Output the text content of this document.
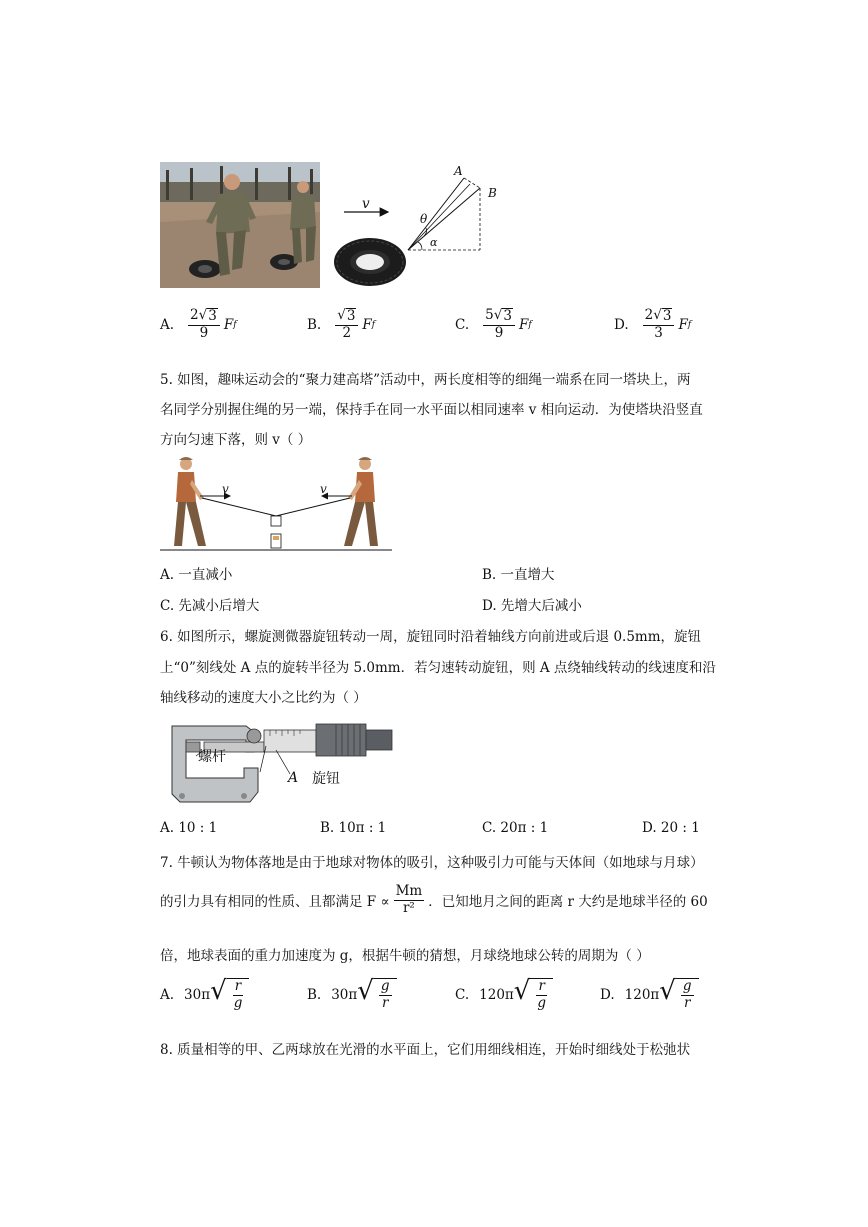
v
A
B
θ
α
A. $\frac{2 √ 3}{9}$ F f	B. $\frac{√ 3}{2}$ F f	C. $\frac{5 √ 3}{9}$ F f	D. $\frac{2 √ 3}{3}$ F f
5. 如图，趣味运动会的“聚力建高塔”活动中，两长度相等的细绳一端系在同一塔块上，两
名同学分别握住绳的另一端，保持手在同一水平面以相同速率 v 相向运动．为使塔块沿竖直
方向匀速下落，则 v（ ）
v	v
A. 一直减小	B. 一直增大
C. 先减小后增大	D. 先增大后减小
6. 如图所示，螺旋测微器旋钮转动一周，旋钮同时沿着轴线方向前进或后退 0.5mm，旋钮
上“0”刻线处 A 点的旋转半径为 5.0mm．若匀速转动旋钮，则 A 点绕轴线转动的线速度和沿
轴线移动的速度大小之比约为（ ）
螺杆
旋钮
A
A. 10 : 1	B. 10π : 1	C. 20π : 1	D. 20 : 1
7. 牛顿认为物体落地是由于地球对物体的吸引，这种吸引力可能与天体间（如地球与月球）
的引力具有相同的性质、且都满足 $F \propto \frac{Mm}{\text{r²}}$ ．已知地月之间的距离 r 大约是地球半径的 60
倍，地球表面的重力加速度为 g，根据牛顿的猜想，月球绕地球公转的周期为（ ）
A. 30π √ $\frac{r}{g}$	B. 30π √ $\frac{g}{r}$	C. 120π √ $\frac{r}{g}$	D. 120π √ $\frac{g}{r}$
8. 质量相等的甲、乙两球放在光滑的水平面上，它们用细线相连，开始时细线处于松弛状
